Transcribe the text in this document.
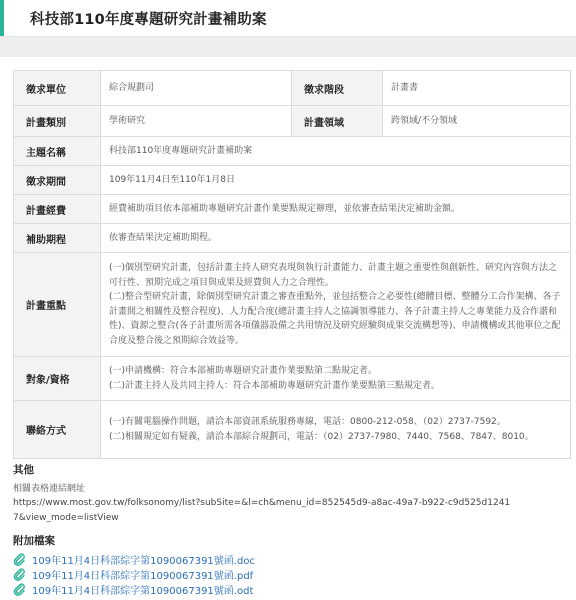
科技部110年度專題研究計畫補助案
徵求單位	綜合規劃司	徵求階段	計畫書
計畫類別	學術研究	計畫領域	跨領域/不分領域
主題名稱	科技部110年度專題研究計畫補助案		
徵求期間	109年11月4日至110年1月8日		
計畫經費	經費補助項目依本部補助專題研究計畫作業要點規定辦理，並依審查結果決定補助金額。		
補助期程	依審查結果決定補助期程。		
計畫重點	(一)個別型研究計畫，包括計畫主持人研究表現與執行計畫能力、計畫主題之重要性與創新性、研究內容與方法之可行性、預期完成之項目與成果及經費與人力之合理性。

(二)整合型研究計畫，除個別型研究計畫之審查重點外，並包括整合之必要性(總體目標、整體分工合作架構、各子計畫間之相關性及整合程度)、人力配合度(總計畫主持人之協調領導能力、各子計畫主持人之專業能力及合作諧和性)、資源之整合(各子計畫所需各項儀器設備之共用情況及研究經驗與成果交流構想等)、申請機構或其他單位之配合度及整合後之預期綜合效益等。		

對象/資格	(一)申請機構：符合本部補助專題研究計畫作業要點第二點規定者。

(二)計畫主持人及共同主持人：符合本部補助專題研究計畫作業要點第三點規定者。		

聯絡方式	(一)有關電腦操作問題，請洽本部資訊系統服務專線，電話：0800-212-058、（02）2737-7592。

(二)相關規定如有疑義，請洽本部綜合規劃司，電話：（02）2737-7980、7440、7568、7847、8010。		

其他
相關表格連結網址
https://www.most.gov.tw/folksonomy/list?subSite=&l=ch&menu_id=852545d9-a8ac-49a7-b922-c9d525d12417&view_mode=listView
附加檔案
109年11月4日科部綜字第1090067391號函.doc
109年11月4日科部綜字第1090067391號函.pdf
109年11月4日科部綜字第1090067391號函.odt
